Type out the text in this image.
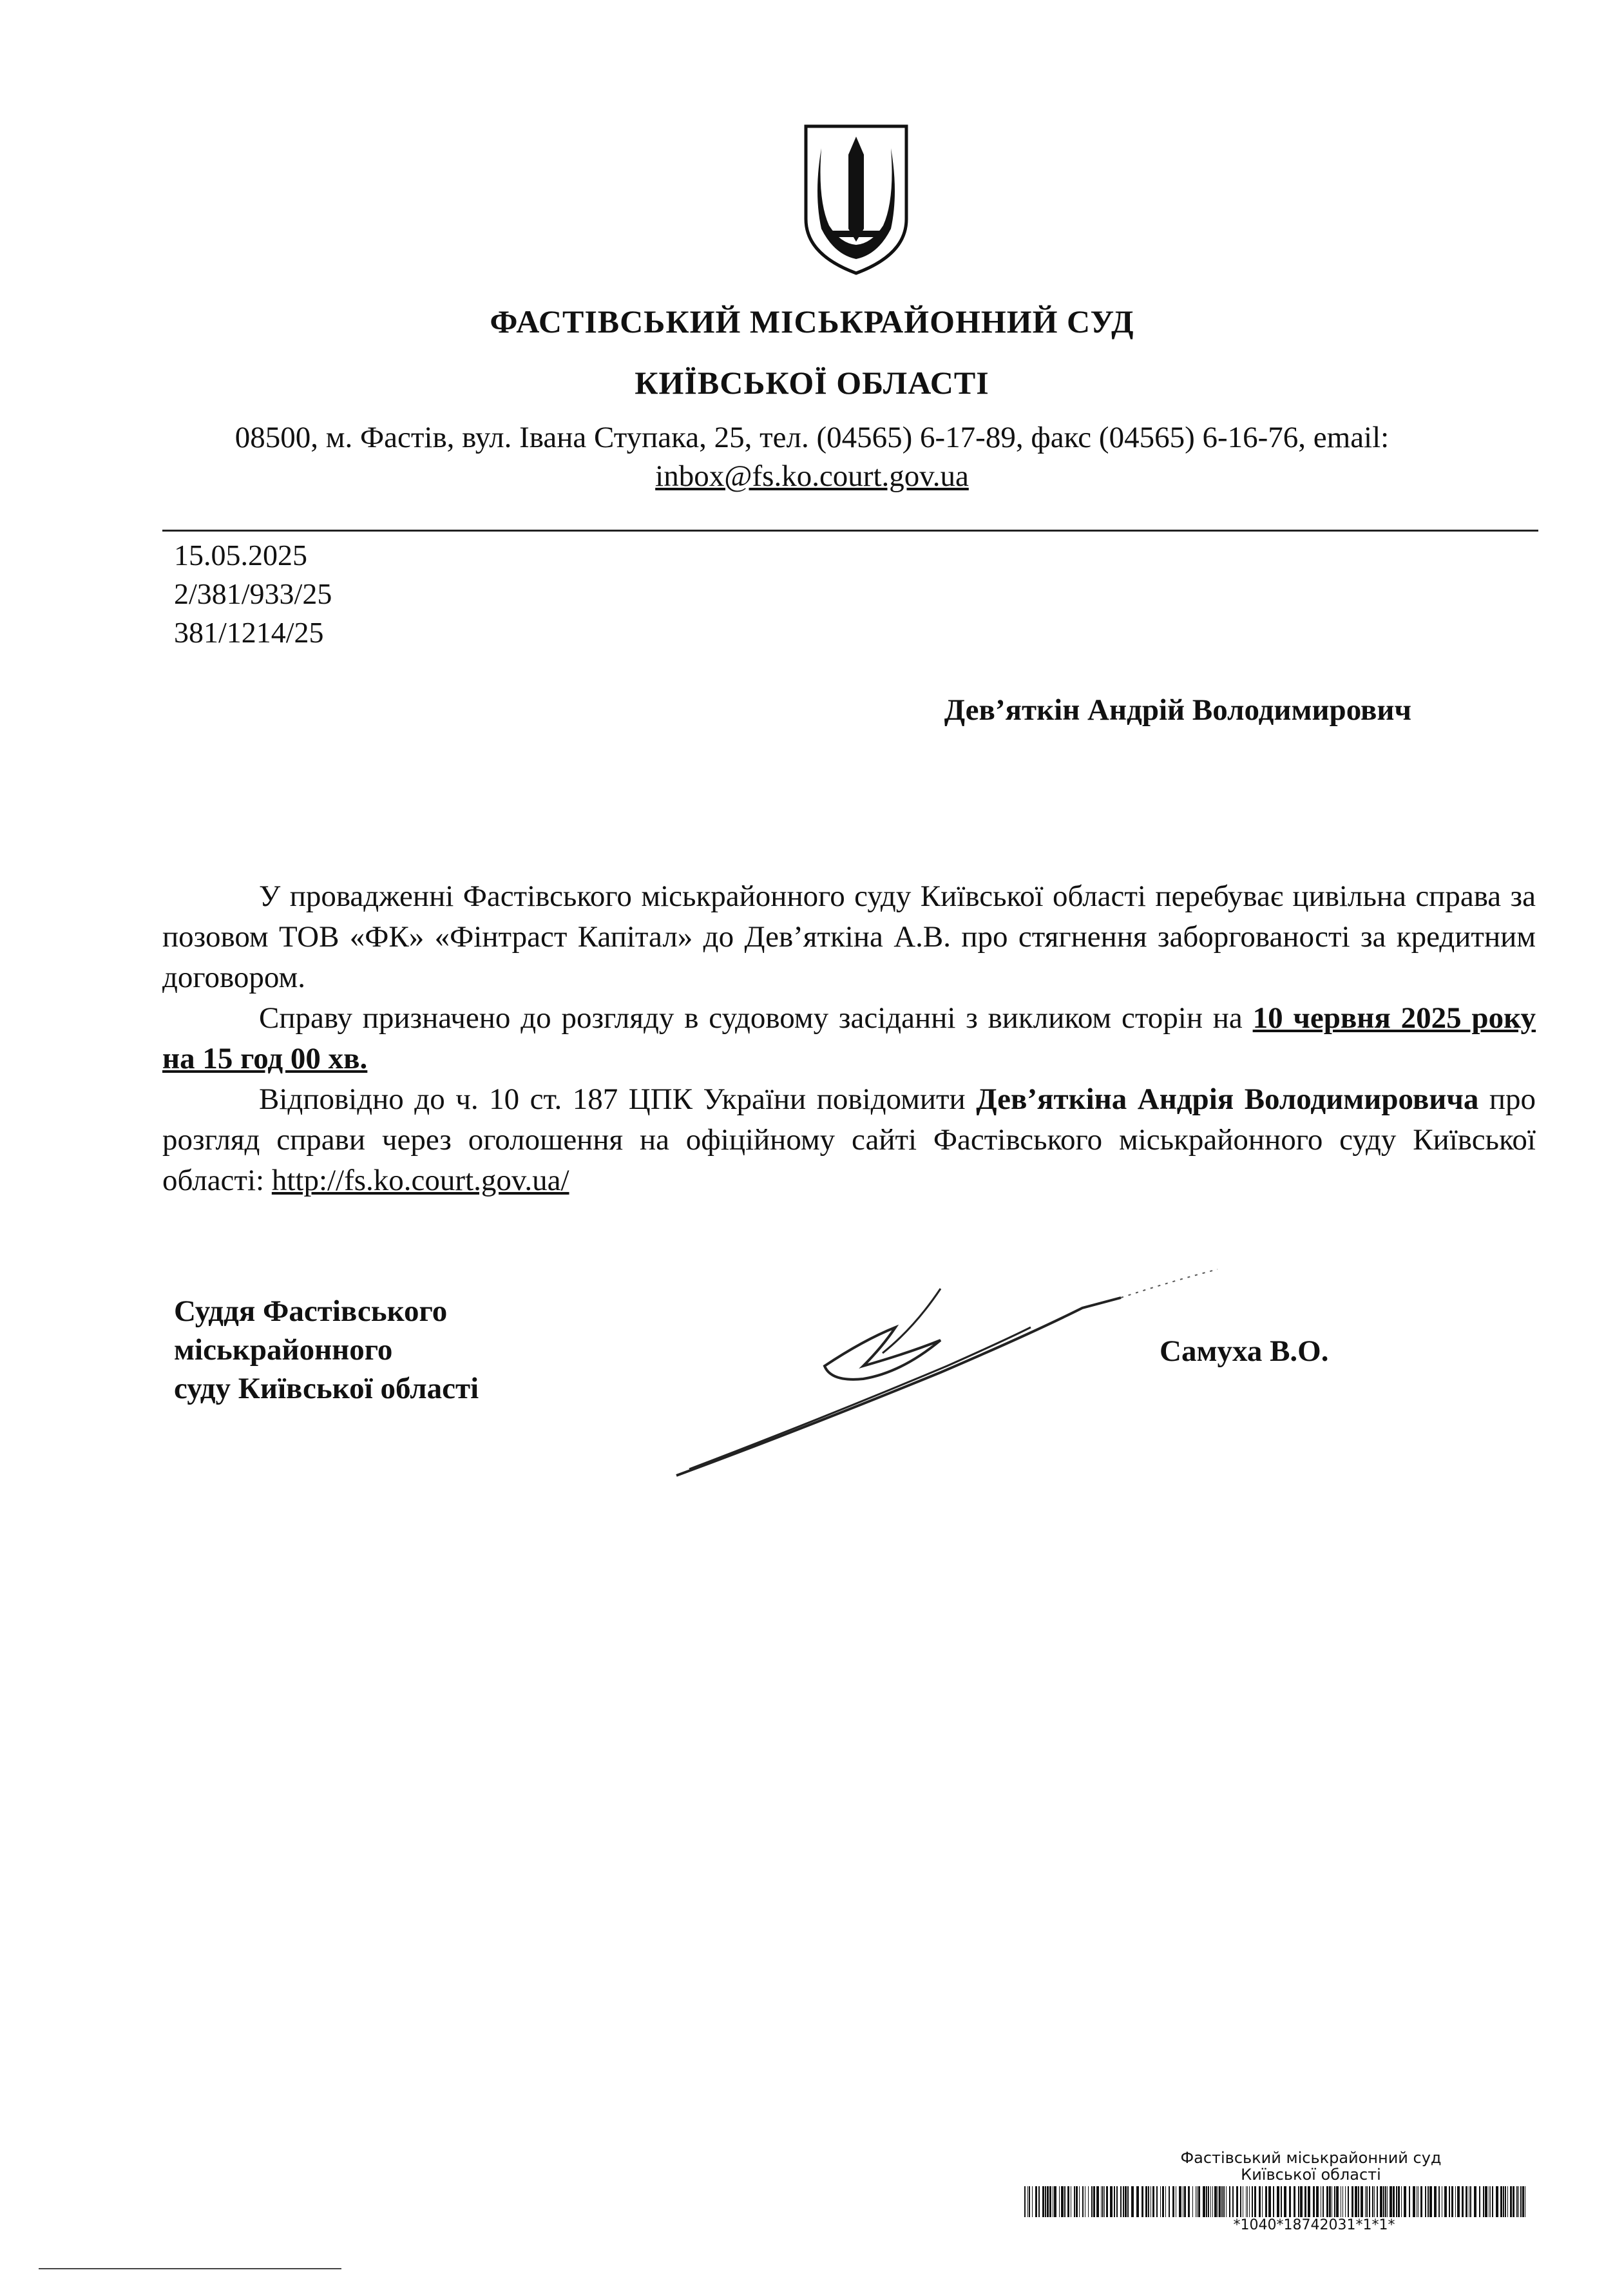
ФАСТІВСЬКИЙ МІСЬКРАЙОННИЙ СУД
КИЇВСЬКОЇ ОБЛАСТІ
08500, м. Фастів, вул. Івана Ступака, 25, тел. (04565) 6-17-89, факс (04565) 6-16-76, email:
inbox@fs.ko.court.gov.ua
15.05.2025
2/381/933/25
381/1214/25
Дев’яткін Андрій Володимирович

У провадженні Фастівського міськрайонного суду Київської області перебуває цивільна справа за позовом ТОВ «ФК» «Фінтраст Капітал» до Дев’яткіна А.В. про стягнення заборгованості за кредитним договором.

Справу призначено до розгляду в судовому засіданні з викликом сторін на 10 червня 2025 року на 15 год 00 хв.

Відповідно до ч. 10 ст. 187 ЦПК України повідомити Дев’яткіна Андрія Володимировича про розгляд справи через оголошення на офіційному сайті Фастівського міськрайонного суду Київської області: http://fs.ko.court.gov.ua/

Суддя Фастівського
міськрайонного
суду Київської області
Самуха В.О.
Фастівський міськрайонний суд
Київської області
*1040*18742031*1*1*
